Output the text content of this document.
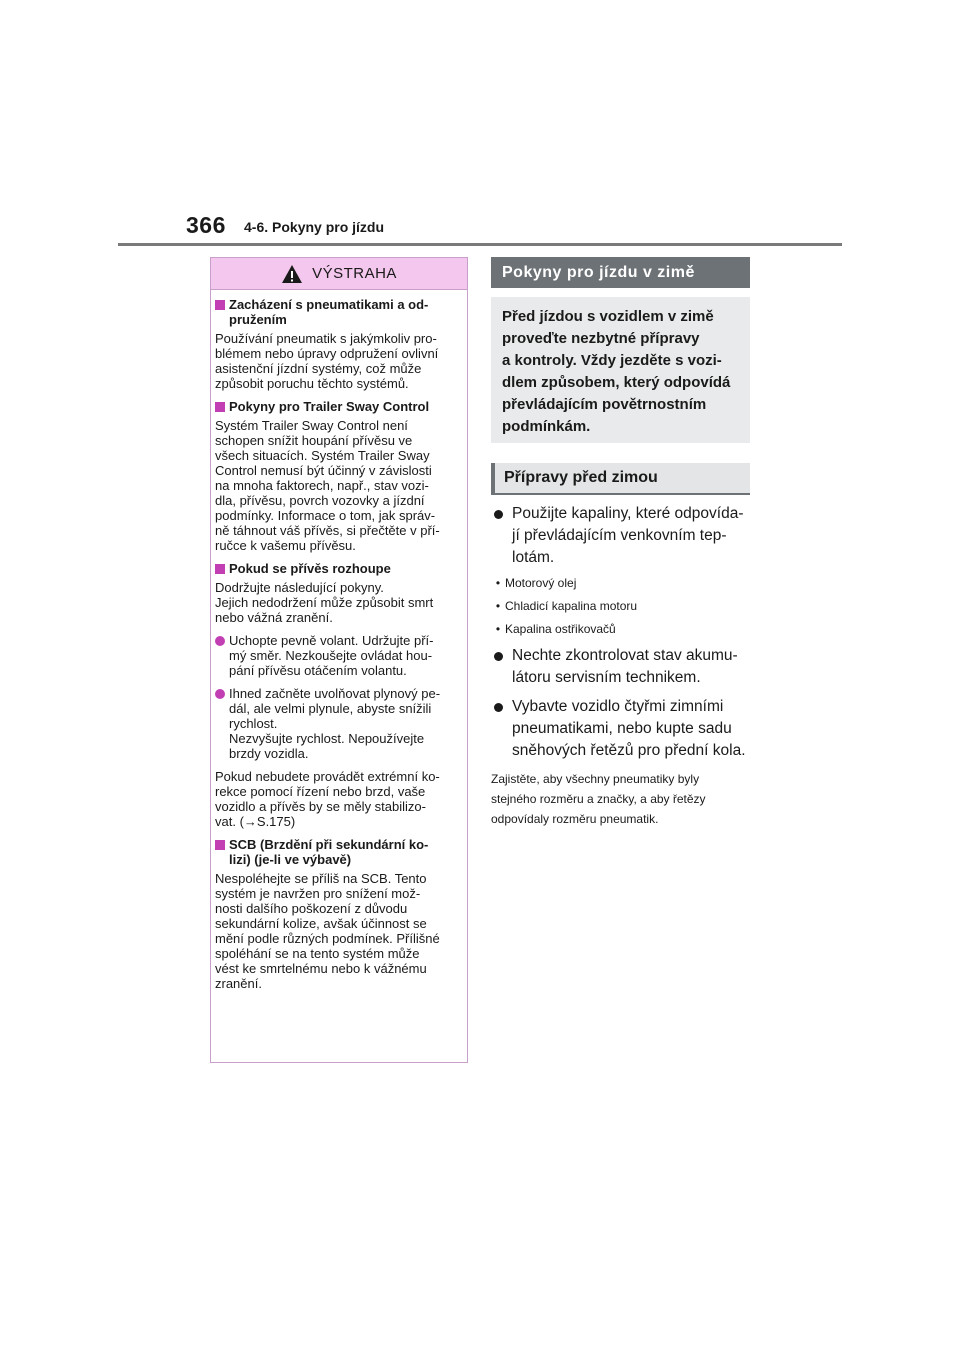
366 4-6. Pokyny pro jízdu
VÝSTRAHA
Zacházení s pneumatikami a od-
pružením
Používání pneumatik s jakýmkoliv pro-
blémem nebo úpravy odpružení ovlivní
asistenční jízdní systémy, což může
způsobit poruchu těchto systémů.
Pokyny pro Trailer Sway Control
Systém Trailer Sway Control není
schopen snížit houpání přívěsu ve
všech situacích. Systém Trailer Sway
Control nemusí být účinný v závislosti
na mnoha faktorech, např., stav vozi-
dla, přívěsu, povrch vozovky a jízdní
podmínky. Informace o tom, jak správ-
ně táhnout váš přívěs, si přečtěte v pří-
ručce k vašemu přívěsu.
Pokud se přívěs rozhoupe
Dodržujte následující pokyny.
Jejich nedodržení může způsobit smrt
nebo vážná zranění.
Uchopte pevně volant. Udržujte pří-
mý směr. Nezkoušejte ovládat hou-
pání přívěsu otáčením volantu.
Ihned začněte uvolňovat plynový pe-
dál, ale velmi plynule, abyste snížili
rychlost.
Nezvyšujte rychlost. Nepoužívejte
brzdy vozidla.
Pokud nebudete provádět extrémní ko-
rekce pomocí řízení nebo brzd, vaše
vozidlo a přívěs by se měly stabilizo-
vat. (→S.175)
SCB (Brzdění při sekundární ko-
lizi) (je-li ve výbavě)
Nespoléhejte se příliš na SCB. Tento
systém je navržen pro snížení mož-
nosti dalšího poškození z důvodu
sekundární kolize, avšak účinnost se
mění podle různých podmínek. Přílišné
spoléhání se na tento systém může
vést ke smrtelnému nebo k vážnému
zranění.
Pokyny pro jízdu v zimě
Před jízdou s vozidlem v zimě
proveďte nezbytné přípravy
a kontroly. Vždy jezděte s vozi-
dlem způsobem, který odpovídá
převládajícím povětrnostním
podmínkám.
Přípravy před zimou
Použijte kapaliny, které odpovída-
jí převládajícím venkovním tep-
lotám.
• Motorový olej
• Chladicí kapalina motoru
• Kapalina ostřikovačů
Nechte zkontrolovat stav akumu-
látoru servisním technikem.
Vybavte vozidlo čtyřmi zimními
pneumatikami, nebo kupte sadu
sněhových řetězů pro přední kola.
Zajistěte, aby všechny pneumatiky byly
stejného rozměru a značky, a aby řetězy
odpovídaly rozměru pneumatik.
